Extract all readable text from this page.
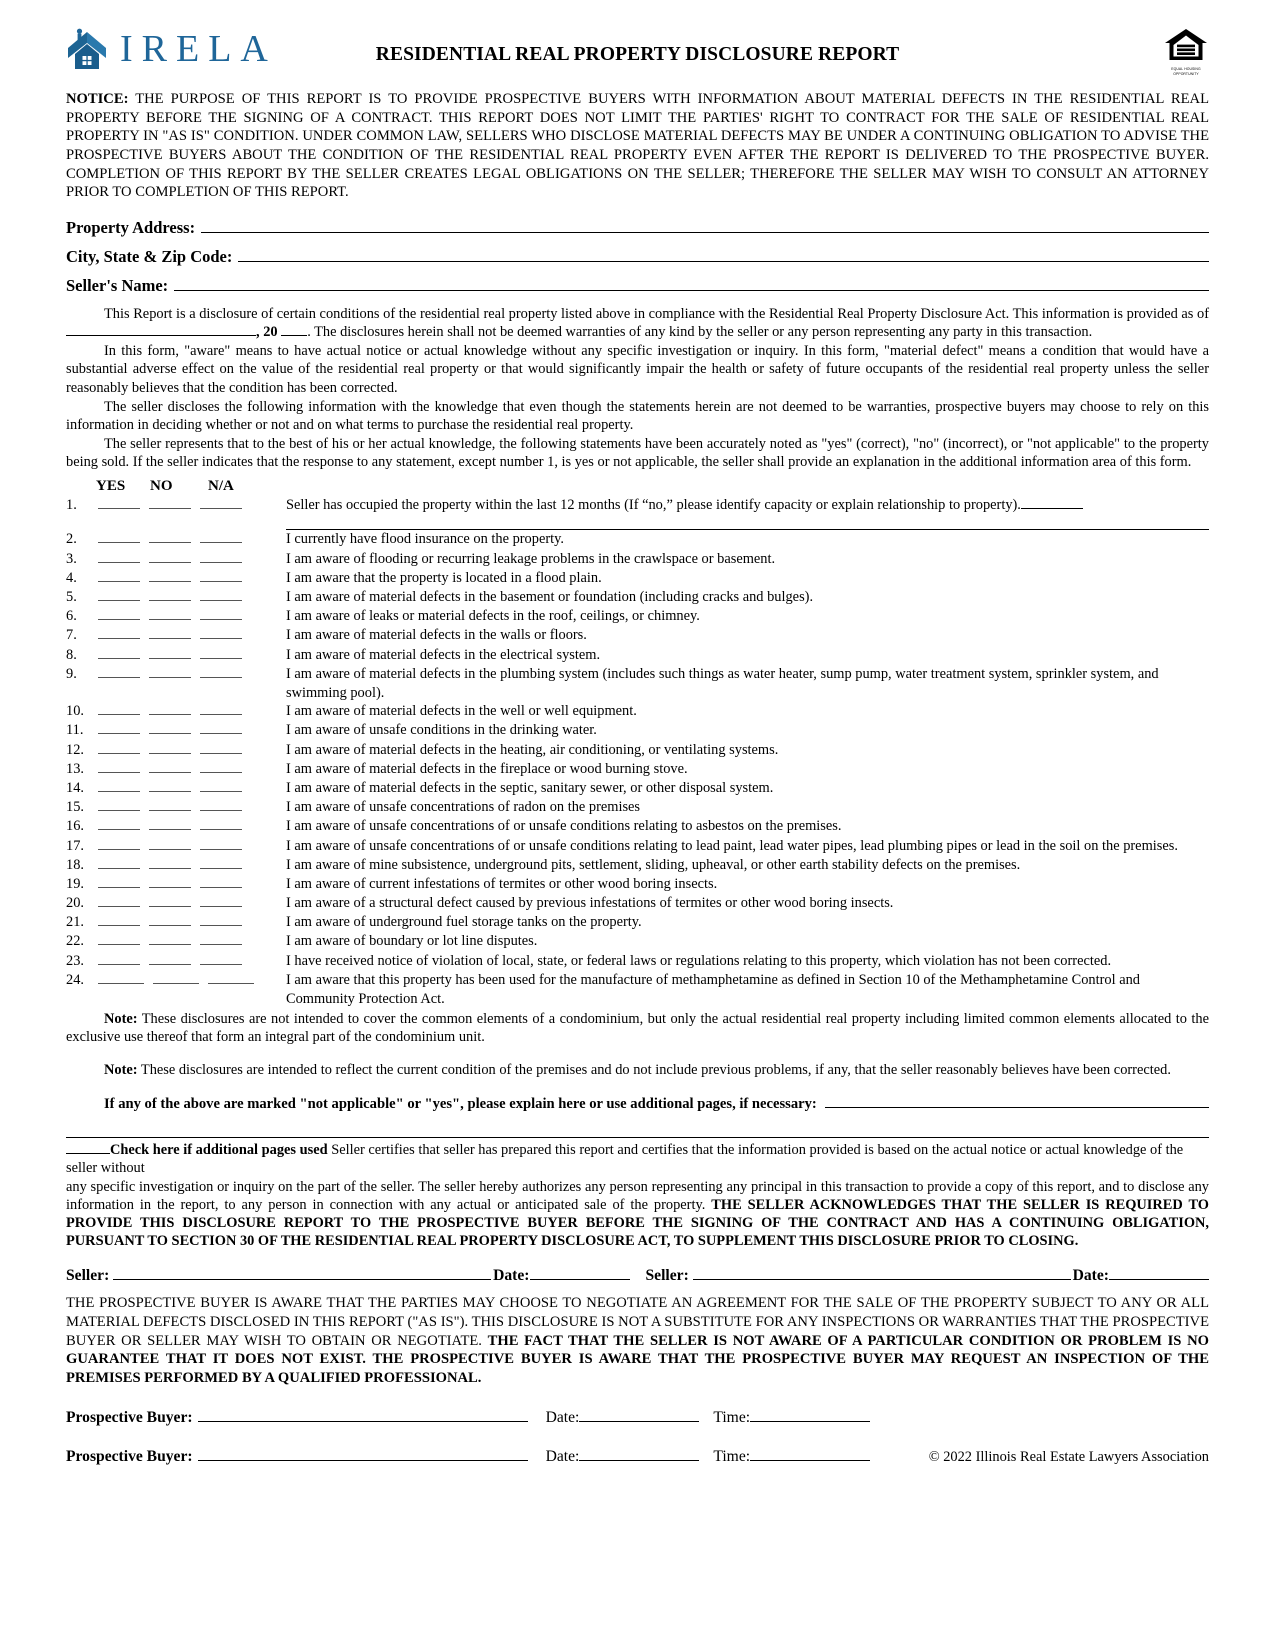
IRELA	RESIDENTIAL REAL PROPERTY DISCLOSURE REPORT
EQUAL HOUSING
OPPORTUNITY
NOTICE: THE PURPOSE OF THIS REPORT IS TO PROVIDE PROSPECTIVE BUYERS WITH INFORMATION ABOUT MATERIAL DEFECTS IN THE RESIDENTIAL REAL PROPERTY BEFORE THE SIGNING OF A CONTRACT. THIS REPORT DOES NOT LIMIT THE PARTIES' RIGHT TO CONTRACT FOR THE SALE OF RESIDENTIAL REAL PROPERTY IN "AS IS" CONDITION. UNDER COMMON LAW, SELLERS WHO DISCLOSE MATERIAL DEFECTS MAY BE UNDER A CONTINUING OBLIGATION TO ADVISE THE PROSPECTIVE BUYERS ABOUT THE CONDITION OF THE RESIDENTIAL REAL PROPERTY EVEN AFTER THE REPORT IS DELIVERED TO THE PROSPECTIVE BUYER. COMPLETION OF THIS REPORT BY THE SELLER CREATES LEGAL OBLIGATIONS ON THE SELLER; THEREFORE THE SELLER MAY WISH TO CONSULT AN ATTORNEY PRIOR TO COMPLETION OF THIS REPORT.
Property Address:
City, State & Zip Code:
Seller's Name:

This Report is a disclosure of certain conditions of the residential real property listed above in compliance with the Residential Real Property Disclosure Act. This information is provided as of , 20 . The disclosures herein shall not be deemed warranties of any kind by the seller or any person representing any party in this transaction.

In this form, "aware" means to have actual notice or actual knowledge without any specific investigation or inquiry. In this form, "material defect" means a condition that would have a substantial adverse effect on the value of the residential real property or that would significantly impair the health or safety of future occupants of the residential real property unless the seller reasonably believes that the condition has been corrected.

The seller discloses the following information with the knowledge that even though the statements herein are not deemed to be warranties, prospective buyers may choose to rely on this information in deciding whether or not and on what terms to purchase the residential real property.

The seller represents that to the best of his or her actual knowledge, the following statements have been accurately noted as "yes" (correct), "no" (incorrect), or "not applicable" to the property being sold. If the seller indicates that the response to any statement, except number 1, is yes or not applicable, the seller shall provide an explanation in the additional information area of this form.

YES	NO	N/A
1.	Seller has occupied the property within the last 12 months (If “no,” please identify capacity or explain relationship to property).
2.	I currently have flood insurance on the property.
3.	I am aware of flooding or recurring leakage problems in the crawlspace or basement.
4.	I am aware that the property is located in a flood plain.
5.	I am aware of material defects in the basement or foundation (including cracks and bulges).
6.	I am aware of leaks or material defects in the roof, ceilings, or chimney.
7.	I am aware of material defects in the walls or floors.
8.	I am aware of material defects in the electrical system.
9.	I am aware of material defects in the plumbing system (includes such things as water heater, sump pump, water treatment system, sprinkler system, and swimming pool).
10.	I am aware of material defects in the well or well equipment.
11.	I am aware of unsafe conditions in the drinking water.
12.	I am aware of material defects in the heating, air conditioning, or ventilating systems.
13.	I am aware of material defects in the fireplace or wood burning stove.
14.	I am aware of material defects in the septic, sanitary sewer, or other disposal system.
15.	I am aware of unsafe concentrations of radon on the premises
16.	I am aware of unsafe concentrations of or unsafe conditions relating to asbestos on the premises.
17.	I am aware of unsafe concentrations of or unsafe conditions relating to lead paint, lead water pipes, lead plumbing pipes or lead in the soil on the premises.
18.	I am aware of mine subsistence, underground pits, settlement, sliding, upheaval, or other earth stability defects on the premises.
19.	I am aware of current infestations of termites or other wood boring insects.
20.	I am aware of a structural defect caused by previous infestations of termites or other wood boring insects.
21.	I am aware of underground fuel storage tanks on the property.
22.	I am aware of boundary or lot line disputes.
23.	I have received notice of violation of local, state, or federal laws or regulations relating to this property, which violation has not been corrected.
24.	I am aware that this property has been used for the manufacture of methamphetamine as defined in Section 10 of the Methamphetamine Control and Community Protection Act.

Note: These disclosures are not intended to cover the common elements of a condominium, but only the actual residential real property including limited common elements allocated to the exclusive use thereof that form an integral part of the condominium unit.

Note: These disclosures are intended to reflect the current condition of the premises and do not include previous problems, if any, that the seller reasonably believes have been corrected.

If any of the above are marked "not applicable" or "yes", please explain here or use additional pages, if necessary:
Check here if additional pages used Seller certifies that seller has prepared this report and certifies that the information provided is based on the actual notice or actual knowledge of the seller without
any specific investigation or inquiry on the part of the seller. The seller hereby authorizes any person representing any principal in this transaction to provide a copy of this report, and to disclose any information in the report, to any person in connection with any actual or anticipated sale of the property. THE SELLER ACKNOWLEDGES THAT THE SELLER IS REQUIRED TO PROVIDE THIS DISCLOSURE REPORT TO THE PROSPECTIVE BUYER BEFORE THE SIGNING OF THE CONTRACT AND HAS A CONTINUING OBLIGATION, PURSUANT TO SECTION 30 OF THE RESIDENTIAL REAL PROPERTY DISCLOSURE ACT, TO SUPPLEMENT THIS DISCLOSURE PRIOR TO CLOSING.
Seller:	Date:	Seller:	Date:
THE PROSPECTIVE BUYER IS AWARE THAT THE PARTIES MAY CHOOSE TO NEGOTIATE AN AGREEMENT FOR THE SALE OF THE PROPERTY SUBJECT TO ANY OR ALL MATERIAL DEFECTS DISCLOSED IN THIS REPORT ("AS IS"). THIS DISCLOSURE IS NOT A SUBSTITUTE FOR ANY INSPECTIONS OR WARRANTIES THAT THE PROSPECTIVE BUYER OR SELLER MAY WISH TO OBTAIN OR NEGOTIATE. THE FACT THAT THE SELLER IS NOT AWARE OF A PARTICULAR CONDITION OR PROBLEM IS NO GUARANTEE THAT IT DOES NOT EXIST. THE PROSPECTIVE BUYER IS AWARE THAT THE PROSPECTIVE BUYER MAY REQUEST AN INSPECTION OF THE PREMISES PERFORMED BY A QUALIFIED PROFESSIONAL.
Prospective Buyer:	Date:	Time:
Prospective Buyer:	Date:	Time:	© 2022 Illinois Real Estate Lawyers Association
